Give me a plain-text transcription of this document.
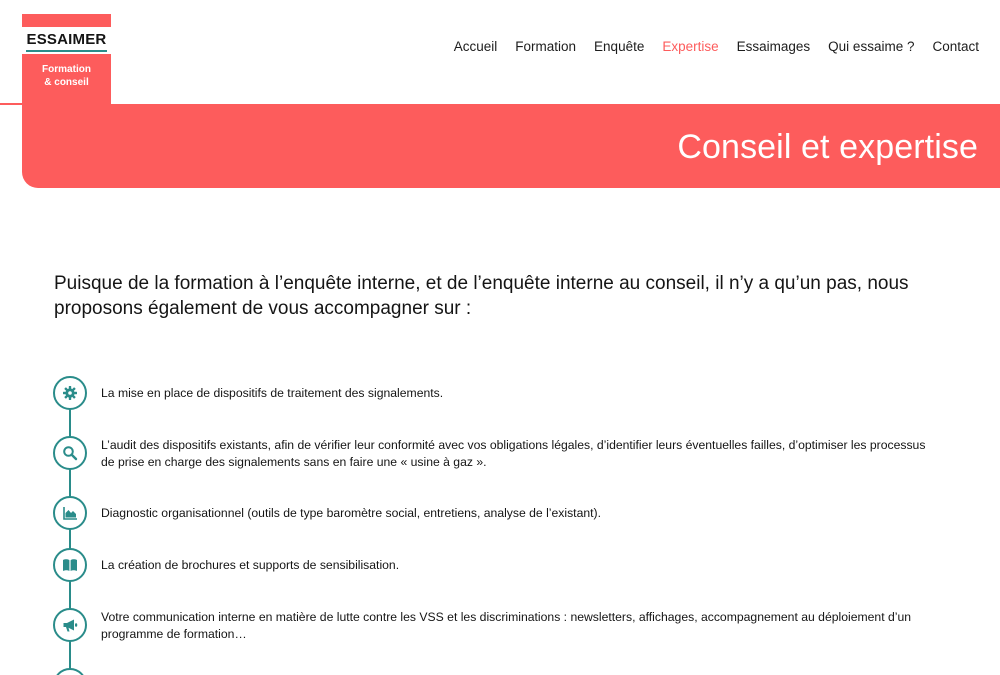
ESSAIMER
Formation
& conseil
Accueil Formation Enquête Expertise Essaimages Qui essaime ? Contact
Conseil et expertise

Puisque de la formation à l’enquête interne, et de l’enquête interne au conseil, il n’y a qu’un pas, nous proposons également de vous accompagner sur :

La mise en place de dispositifs de traitement des signalements.

L’audit des dispositifs existants, afin de vérifier leur conformité avec vos obligations légales, d’identifier leurs éventuelles failles, d’optimiser les processus de prise en charge des signalements sans en faire une « usine à gaz ».

Diagnostic organisationnel (outils de type baromètre social, entretiens, analyse de l’existant).

La création de brochures et supports de sensibilisation.

Votre communication interne en matière de lutte contre les VSS et les discriminations : newsletters, affichages, accompagnement au déploiement d’un programme de formation…
